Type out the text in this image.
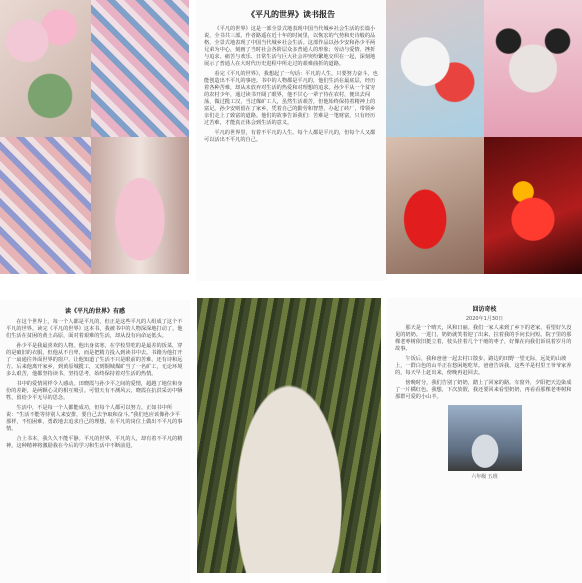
《平凡的世界》读书报告

《平凡的世界》这是一部全景式地表现中国当代城乡社会生活的长篇小说，全书共三部。作者路遥在近十年的时间里，以恢宏的气势和史诗般的品格，全景式地表现了中国当代城乡社会生活。这部作品以孙少安和孙少平两兄弟为中心，刻画了当时社会各阶层众多普通人的形象；劳动与爱情、挫折与追求、痛苦与欢乐、日常生活与巨大社会冲突纷繁地交织在一起，深刻地展示了普通人在大时代历史进程中所走过的艰难曲折的道路。

看完《平凡的世界》，我想起了一句话：平凡的人生，只要努力奋斗，也能创造出不平凡的事迹。书中的人物都是平凡的，他们生活在最底层，经历着各种苦难，却从未放弃对生活的热爱和对理想的追求。孙少平从一个贫穷的农村少年，通过读书开阔了眼界，他不甘心一辈子待在农村，便出去闯荡，做过揽工汉，当过煤矿工人，虽然生活艰苦，但他始终保持着精神上的富足。孙少安则留在了家乡，凭着自己的勤劳和智慧，办起了砖厂，带领乡亲们走上了致富的道路。他们的故事告诉我们：苦难是一笔财富，只有经历过苦难，才能真正体会到生活的意义。

平凡的世界里，有着不平凡的人生。每个人都是平凡的，但每个人又都可以活出不平凡的自己。

读《平凡的世界》有感

在这个世界上，每一个人都是平凡的，但正是这些平凡的人组成了这个不平凡的世界。读完《平凡的世界》这本书，我被书中的人物深深地打动了。他们生活在贫困的黄土高原，面对着艰难的生活，却从没有向命运低头。

孙少平是我最喜欢的人物。他出身贫寒，在学校里吃的是最差的饭菜，穿的是破旧的衣服，但他从不自卑，而是把精力投入到读书中去。书籍为他打开了一扇通往外面世界的窗户，让他知道了生活不只是眼前的苦难，还有诗和远方。后来他离开家乡，到黄原城揽工，又到铜城煤矿当了一名矿工，无论环境多么艰苦，他都坚持读书，坚持思考，始终保持着对生活的热情。

书中的爱情同样令人感动。田晓霞与孙少平之间的爱情，超越了地位和身份的差距，是两颗心灵的相互吸引。可惜天有不测风云，晓霞在抗洪采访中牺牲，留给少平无尽的思念。

生活中，不是每一个人都能成功，但每个人都可以努力。正如书中所说：“生活不能等待别人来安排，要自己去争取和奋斗。”我们也应该像孙少平那样，不怕困难，勇敢地去追求自己的理想，在平凡的岗位上做出不平凡的事情。

合上书本，我久久不能平静。平凡的世界，平凡的人，却有着不平凡的精神。这种精神将激励我在今后的学习和生活中不断前进。

回访奇枝
2020年1月30日

那天是一个晴天，风和日丽。我们一家人来到了乡下的老家，看望好久没见的奶奶。一进门，奶奶就笑着迎了出来，拉着我的手问长问短。院子里的那棵老枣树依旧挺立着，枝头挂着几个干瘪的枣子，好像在向我们诉说着岁月的故事。

午饭后，我和爸爸一起去村口散步。路边的田野一望无际，远处的山坡上，一群白色的山羊正在悠闲地吃草。爸爸告诉我，这些羊是村里王爷爷家养的，每天早上赶出来，傍晚再赶回去。

傍晚时分，我们告别了奶奶，踏上了回家的路。车窗外，夕阳把天边染成了一片橘红色。我想，下次放假，我还要回来看望奶奶，再看看那棵老枣树和那群可爱的小山羊。

六年级 五班
